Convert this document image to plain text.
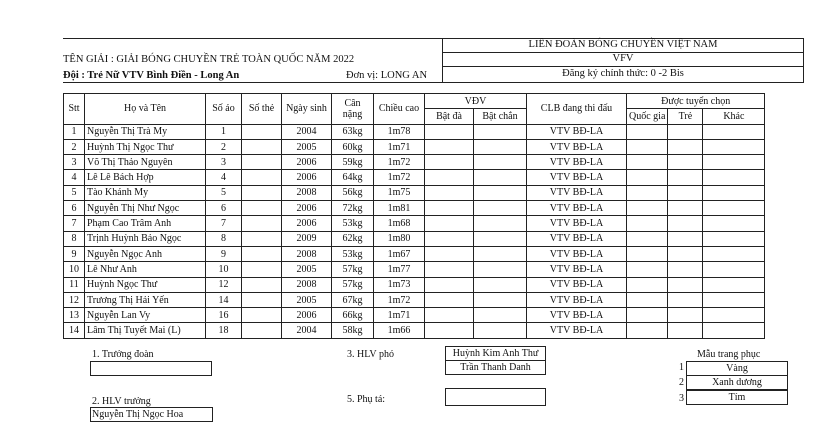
TÊN GIẢI : GIẢI BÓNG CHUYỀN TRẺ TOÀN QUỐC NĂM 2022
Đội : Trẻ Nữ VTV Bình Điền - Long An	Đơn vị: LONG AN
LIÊN ĐOÀN BÓNG CHUYỀN VIỆT NAM
VFV
Đăng ký chính thức: 0 -2 Bis
Stt	Họ và Tên	Số áo	Số thẻ	Ngày sinh	Cân nặng	Chiều cao	VĐV		CLB đang thi đấu	Được tuyển chọn		
							Bật đà	Bật chắn		Quốc gia	Trẻ	Khác
1	Nguyễn Thị Trà My	1		2004	63kg	1m78			VTV BĐ-LA			
2	Huỳnh Thị Ngọc Thư	2		2005	60kg	1m71			VTV BĐ-LA			
3	Võ Thị Thảo Nguyên	3		2006	59kg	1m72			VTV BĐ-LA			
4	Lê Lê Bách Hợp	4		2006	64kg	1m72			VTV BĐ-LA			
5	Tào Khánh My	5		2008	56kg	1m75			VTV BĐ-LA			
6	Nguyễn Thị Như Ngọc	6		2006	72kg	1m81			VTV BĐ-LA			
7	Phạm Cao Trâm Anh	7		2006	53kg	1m68			VTV BĐ-LA			
8	Trịnh Huỳnh Bảo Ngọc	8		2009	62kg	1m80			VTV BĐ-LA			
9	Nguyễn Ngọc Anh	9		2008	53kg	1m67			VTV BĐ-LA			
10	Lê Như Anh	10		2005	57kg	1m77			VTV BĐ-LA			
11	Huỳnh Ngọc Thư	12		2008	57kg	1m73			VTV BĐ-LA			
12	Trương Thị Hải Yến	14		2005	67kg	1m72			VTV BĐ-LA			
13	Nguyễn Lan Vy	16		2006	66kg	1m71			VTV BĐ-LA			
14	Lâm Thị Tuyết Mai (L)	18		2004	58kg	1m66			VTV BĐ-LA			
1. Trưởng đoàn
2. HLV trưởng
Nguyễn Thị Ngọc Hoa
3. HLV phó	Huỳnh Kim Anh Thư
Trần Thanh Danh
5. Phụ tá:
Mẫu trang phục
1	Vàng
2	Xanh dương
3	Tím
